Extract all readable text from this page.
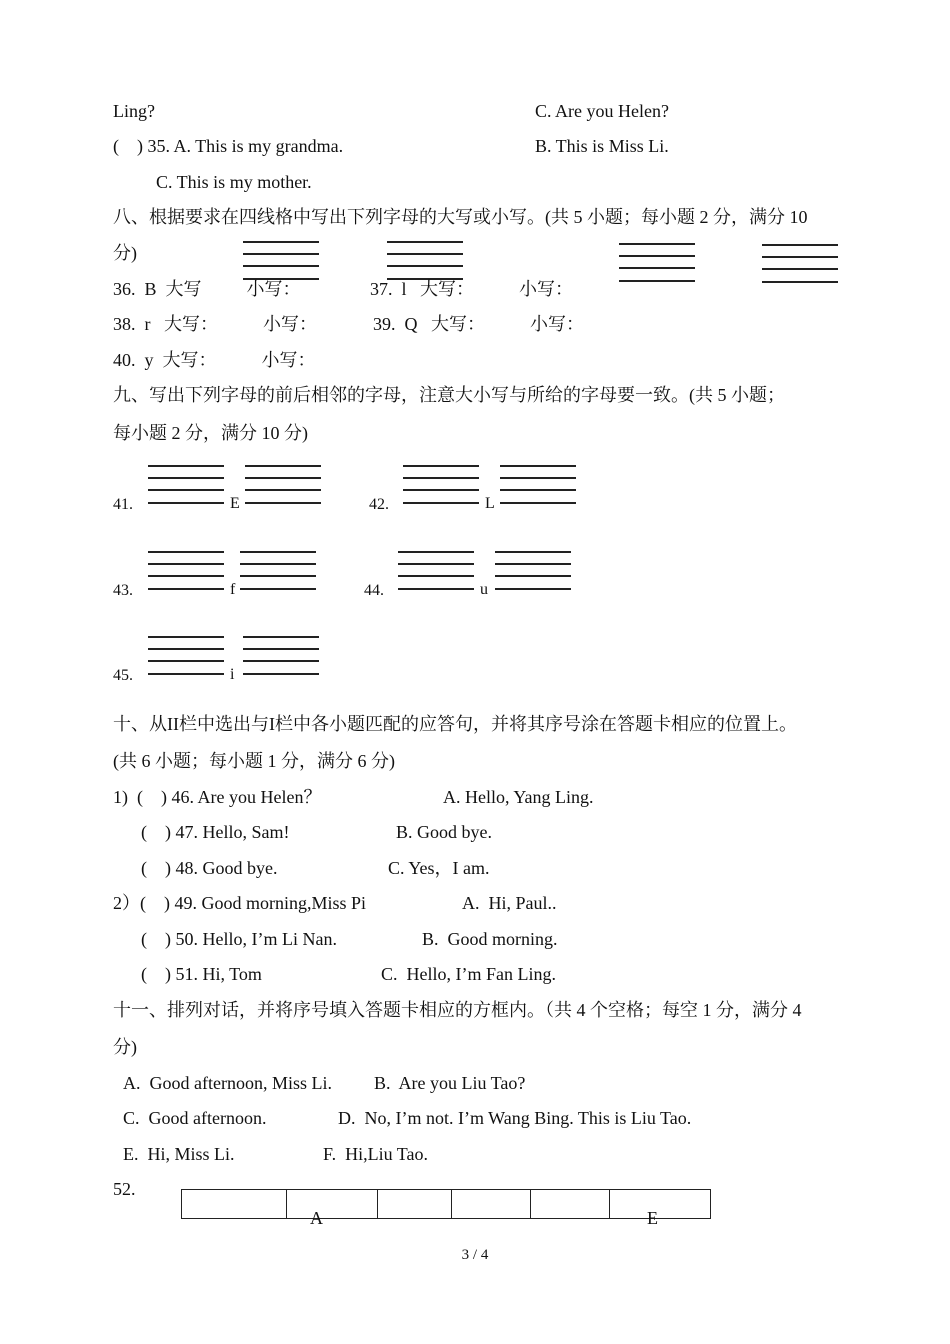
Ling?	C. Are you Helen?
(    ) 35. A. This is my grandma.	B. This is Miss Li.
C. This is my mother.
八、根据要求在四线格中写出下列字母的大写或小写。(共 5 小题；每小题 2 分，满分 10
分)
36.  B  大写          小写：	37.  l   大写：          小写：
38.  r   大写：          小写：	39.  Q   大写：          小写：
40.  y  大写：          小写：
九、写出下列字母的前后相邻的字母，注意大小写与所给的字母要一致。(共 5 小题；
每小题 2 分，满分 10 分)
41.	E	42.	L
43.	f	44.	u
45.	i
十、从II栏中选出与I栏中各小题匹配的应答句，并将其序号涂在答题卡相应的位置上。
(共 6 小题；每小题 1 分，满分 6 分)
1)  (    ) 46. Are you Helen？	A. Hello, Yang Ling.
(    ) 47. Hello, Sam!	B. Good bye.
(    ) 48. Good bye.	C. Yes，I am.
2）(    ) 49. Good morning,Miss Pi	A.  Hi, Paul..
(    ) 50. Hello, I’m Li Nan.	B.  Good morning.
(    ) 51. Hi, Tom	C.  Hello, I’m Fan Ling.
十一、排列对话，并将序号填入答题卡相应的方框内。（共 4 个空格；每空 1 分，满分 4
分)
A.  Good afternoon, Miss Li. B.  Are you Liu Tao?
C.  Good afternoon.	D.  No, I’m not. I’m Wang Bing. This is Liu Tao.
E.  Hi, Miss Li.	F.  Hi,Liu Tao.
52.
A	E
3 / 4
